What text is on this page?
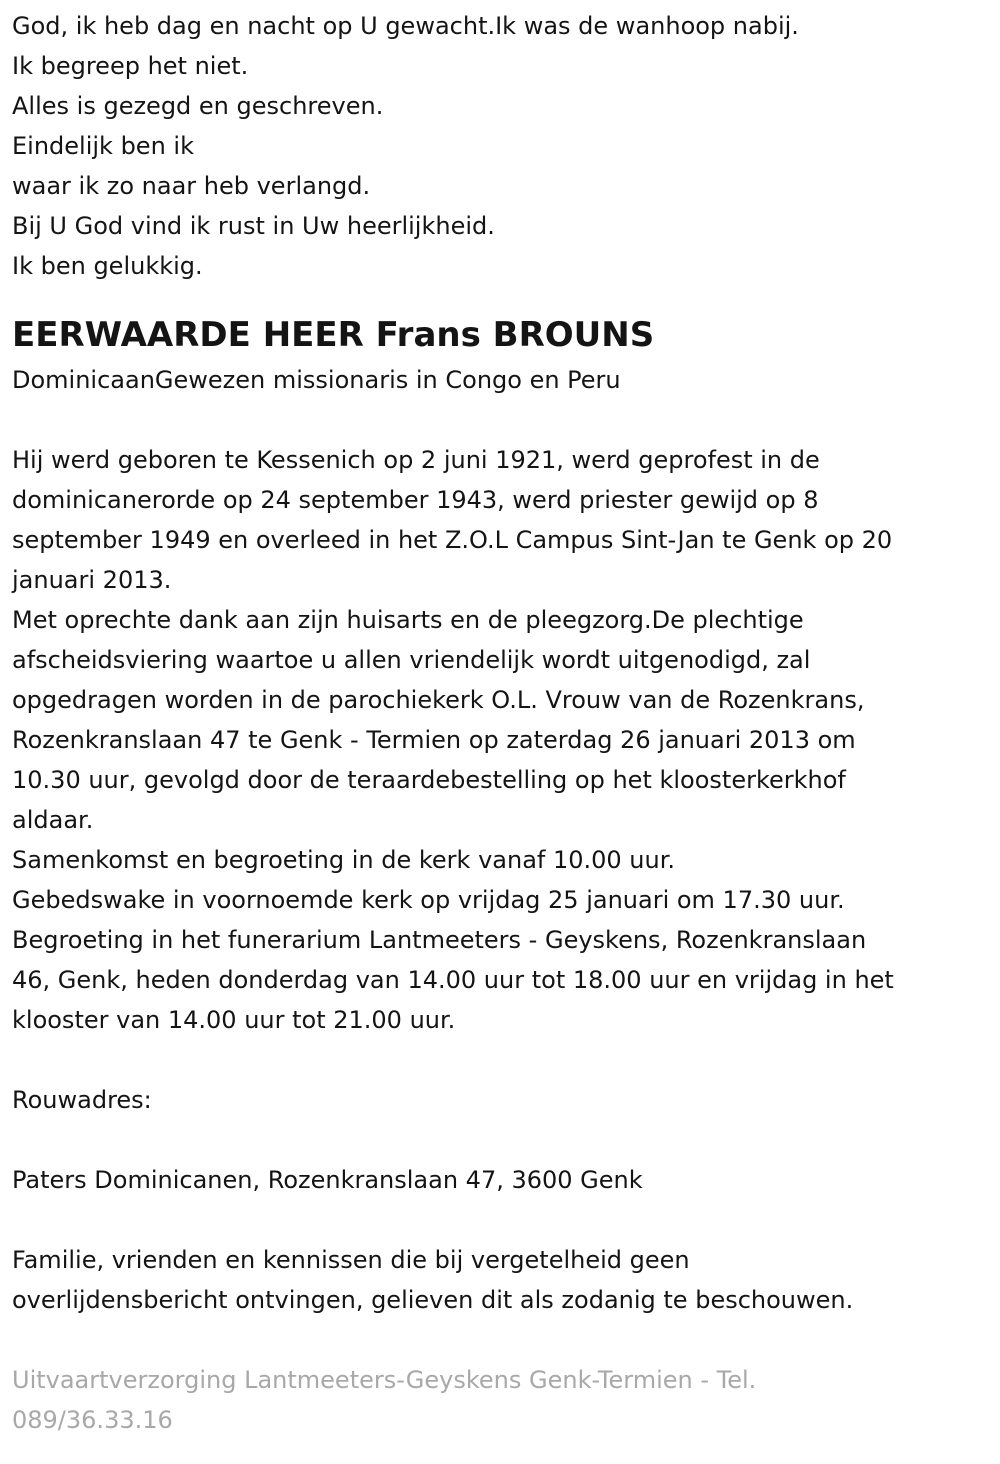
God, ik heb dag en nacht op U gewacht.Ik was de wanhoop nabij.

Ik begreep het niet.

Alles is gezegd en geschreven.

Eindelijk ben ik

waar ik zo naar heb verlangd.

Bij U God vind ik rust in Uw heerlijkheid.

Ik ben gelukkig.

EERWAARDE HEER Frans BROUNS

DominicaanGewezen missionaris in Congo en Peru

Hij werd geboren te Kessenich op 2 juni 1921, werd geprofest in de

dominicanerorde op 24 september 1943, werd priester gewijd op 8

september 1949 en overleed in het Z.O.L Campus Sint-Jan te Genk op 20

januari 2013.

Met oprechte dank aan zijn huisarts en de pleegzorg.De plechtige

afscheidsviering waartoe u allen vriendelijk wordt uitgenodigd, zal

opgedragen worden in de parochiekerk O.L. Vrouw van de Rozenkrans,

Rozenkranslaan 47 te Genk - Termien op zaterdag 26 januari 2013 om

10.30 uur, gevolgd door de teraardebestelling op het kloosterkerkhof

aldaar.

Samenkomst en begroeting in de kerk vanaf 10.00 uur.

Gebedswake in voornoemde kerk op vrijdag 25 januari om 17.30 uur.

Begroeting in het funerarium Lantmeeters - Geyskens, Rozenkranslaan

46, Genk, heden donderdag van 14.00 uur tot 18.00 uur en vrijdag in het

klooster van 14.00 uur tot 21.00 uur.

Rouwadres:

Paters Dominicanen, Rozenkranslaan 47, 3600 Genk

Familie, vrienden en kennissen die bij vergetelheid geen

overlijdensbericht ontvingen, gelieven dit als zodanig te beschouwen.

Uitvaartverzorging Lantmeeters-Geyskens Genk-Termien - Tel.

089/36.33.16
